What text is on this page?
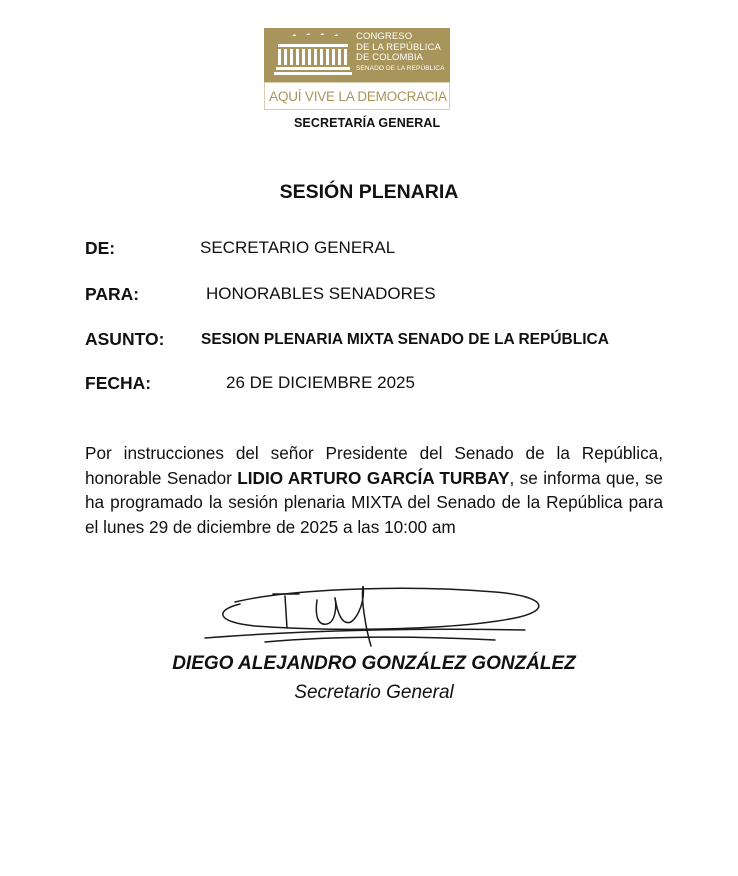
CONGRESO
DE LA REPÚBLICA
DE COLOMBIA

SENADO DE LA REPÚBLICA
AQUÍ VIVE LA DEMOCRACIA
SECRETARÍA GENERAL
SESIÓN PLENARIA
DE:	SECRETARIO GENERAL
PARA:	HONORABLES SENADORES
ASUNTO: SESION PLENARIA MIXTA SENADO DE LA REPÚBLICA
FECHA:	26 DE DICIEMBRE 2025
Por instrucciones del señor Presidente del Senado de la República, honorable Senador LIDIO ARTURO GARCÍA TURBAY, se informa que, se ha programado la sesión plenaria MIXTA del Senado de la República para el lunes 29 de diciembre de 2025 a las 10:00 am
DIEGO ALEJANDRO GONZÁLEZ GONZÁLEZ
Secretario General
